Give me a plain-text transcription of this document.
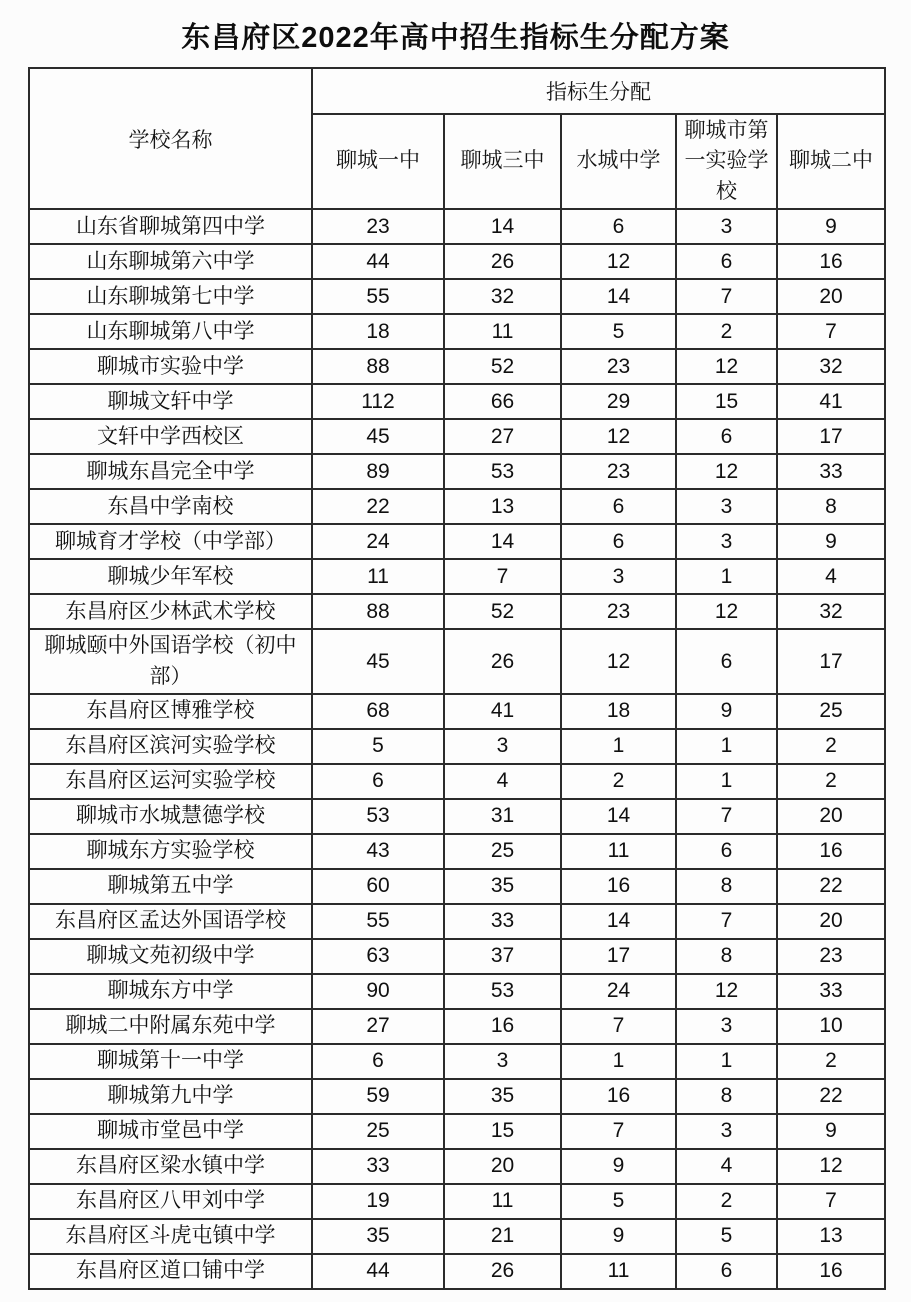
东昌府区2022年高中招生指标生分配方案
学校名称	指标生分配				
	聊城一中	聊城三中	水城中学	聊城市第一实验学校	聊城二中
山东省聊城第四中学	23	14	6	3	9
山东聊城第六中学	44	26	12	6	16
山东聊城第七中学	55	32	14	7	20
山东聊城第八中学	18	11	5	2	7
聊城市实验中学	88	52	23	12	32
聊城文轩中学	112	66	29	15	41
文轩中学西校区	45	27	12	6	17
聊城东昌完全中学	89	53	23	12	33
东昌中学南校	22	13	6	3	8
聊城育才学校（中学部）	24	14	6	3	9
聊城少年军校	11	7	3	1	4
东昌府区少林武术学校	88	52	23	12	32
聊城颐中外国语学校（初中部）	45	26	12	6	17
东昌府区博雅学校	68	41	18	9	25
东昌府区滨河实验学校	5	3	1	1	2
东昌府区运河实验学校	6	4	2	1	2
聊城市水城慧德学校	53	31	14	7	20
聊城东方实验学校	43	25	11	6	16
聊城第五中学	60	35	16	8	22
东昌府区孟达外国语学校	55	33	14	7	20
聊城文苑初级中学	63	37	17	8	23
聊城东方中学	90	53	24	12	33
聊城二中附属东苑中学	27	16	7	3	10
聊城第十一中学	6	3	1	1	2
聊城第九中学	59	35	16	8	22
聊城市堂邑中学	25	15	7	3	9
东昌府区梁水镇中学	33	20	9	4	12
东昌府区八甲刘中学	19	11	5	2	7
东昌府区斗虎屯镇中学	35	21	9	5	13
东昌府区道口铺中学	44	26	11	6	16
